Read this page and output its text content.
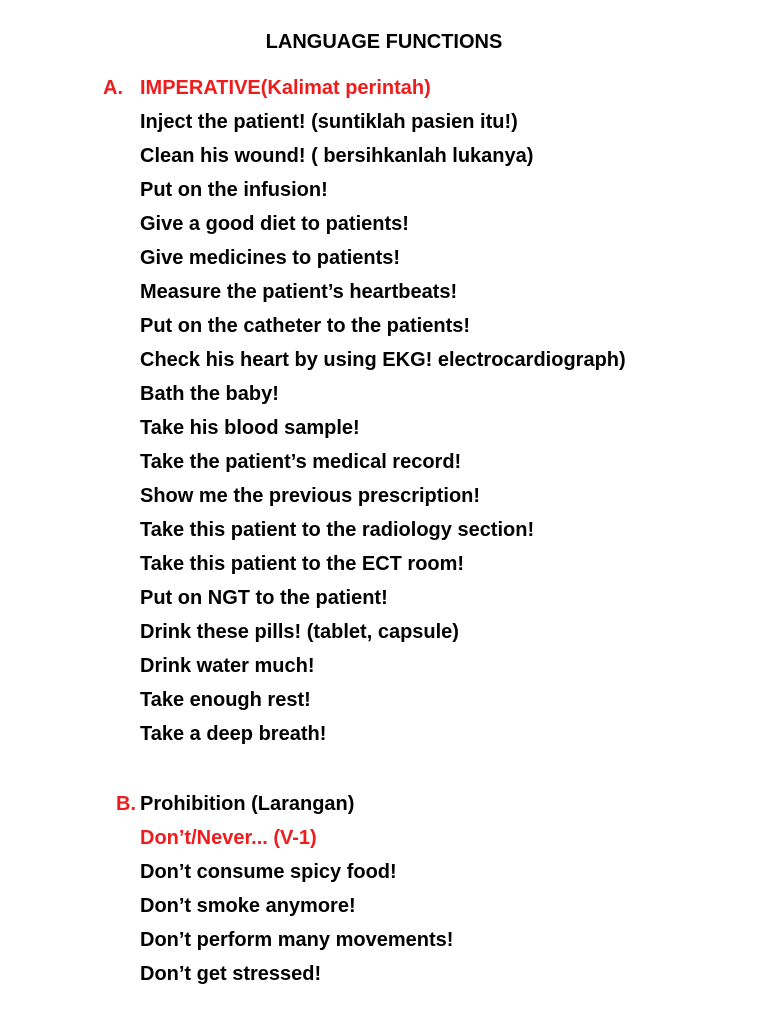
LANGUAGE FUNCTIONS
A. IMPERATIVE(Kalimat perintah)
Inject the patient! (suntiklah pasien itu!)
Clean his wound! ( bersihkanlah lukanya)
Put on the infusion!
Give a good diet to patients!
Give medicines to patients!
Measure the patient’s heartbeats!
Put on the catheter to the patients!
Check his heart by using EKG! electrocardiograph)
Bath the baby!
Take his blood sample!
Take the patient’s medical record!
Show me the previous prescription!
Take this patient to the radiology section!
Take this patient to the ECT room!
Put on NGT to the patient!
Drink these pills! (tablet, capsule)
Drink water much!
Take enough rest!
Take a deep breath!
B. Prohibition (Larangan)
Don’t/Never... (V-1)
Don’t consume spicy food!
Don’t smoke anymore!
Don’t perform many movements!
Don’t get stressed!
